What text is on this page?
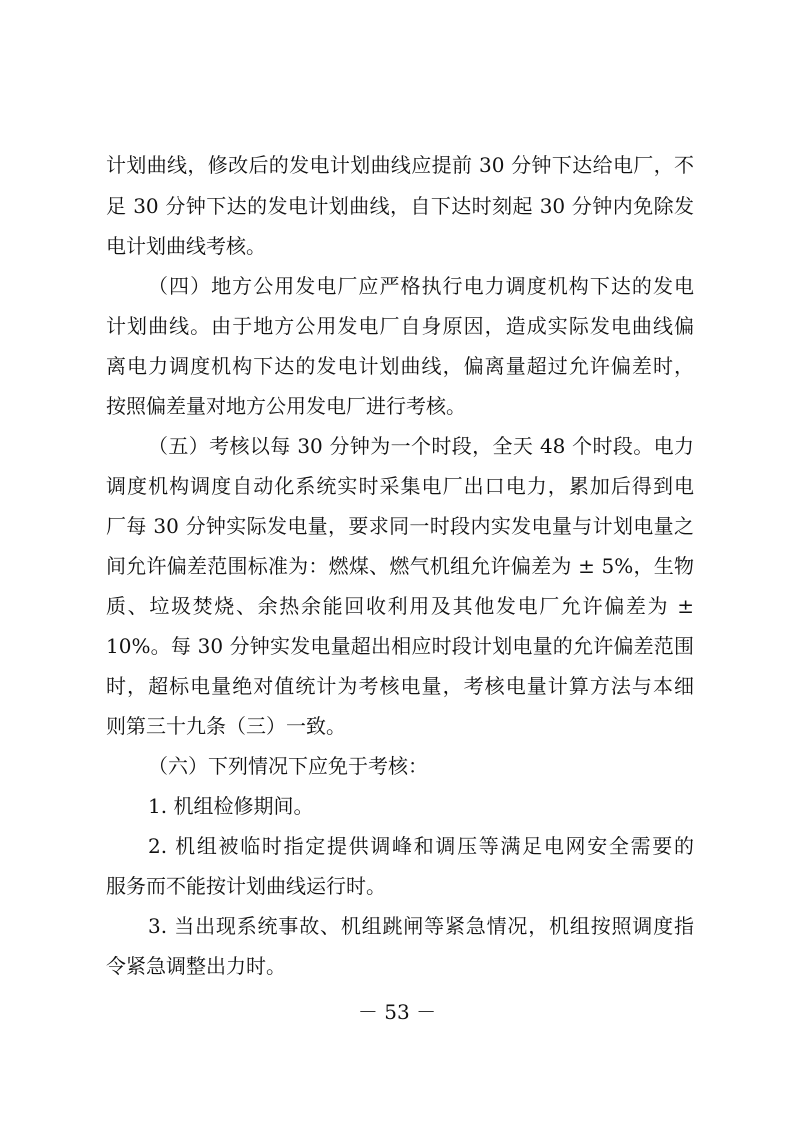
计划曲线，修改后的发电计划曲线应提前 30 分钟下达给电厂，不
足 30 分钟下达的发电计划曲线，自下达时刻起 30 分钟内免除发
电计划曲线考核。
（四）地方公用发电厂应严格执行电力调度机构下达的发电
计划曲线。由于地方公用发电厂自身原因，造成实际发电曲线偏
离电力调度机构下达的发电计划曲线，偏离量超过允许偏差时，
按照偏差量对地方公用发电厂进行考核。
（五）考核以每 30 分钟为一个时段，全天 48 个时段。电力
调度机构调度自动化系统实时采集电厂出口电力，累加后得到电
厂每 30 分钟实际发电量，要求同一时段内实发电量与计划电量之
间允许偏差范围标准为：燃煤、燃气机组允许偏差为 ± 5%，生物
质、垃圾焚烧、余热余能回收利用及其他发电厂允许偏差为 ±
10%。每 30 分钟实发电量超出相应时段计划电量的允许偏差范围
时，超标电量绝对值统计为考核电量，考核电量计算方法与本细
则第三十九条（三）一致。
（六）下列情况下应免于考核：
1. 机组检修期间。
2. 机组被临时指定提供调峰和调压等满足电网安全需要的
服务而不能按计划曲线运行时。
3. 当出现系统事故、机组跳闸等紧急情况，机组按照调度指
令紧急调整出力时。
－ 53 －
